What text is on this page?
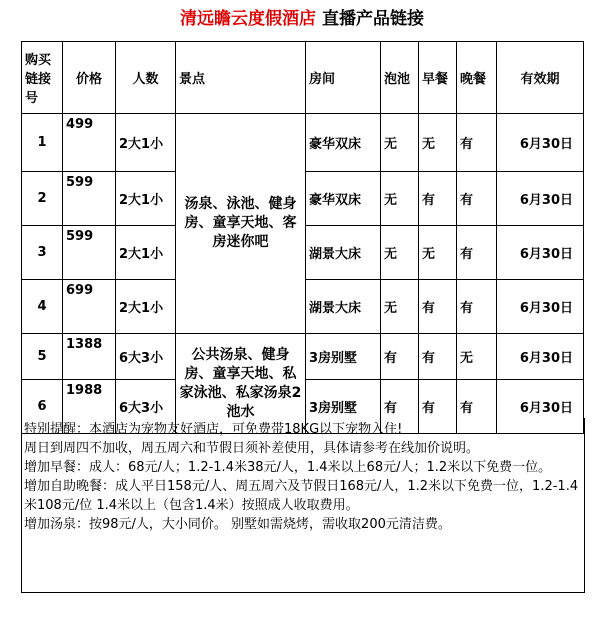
清远瞻云度假酒店 直播产品链接
购买链接号	价格	人数	景点	房间	泡池	早餐	晚餐	有效期
1	499	2大1小	汤泉、泳池、健身房、童享天地、客房迷你吧	豪华双床	无	无	有	6月30日
2	599	2大1小		豪华双床	无	有	有	6月30日
3	599	2大1小		湖景大床	无	无	有	6月30日
4	699	2大1小		湖景大床	无	有	有	6月30日
5	1388	6大3小	公共汤泉、健身房、童享天地、私家泳池、私家汤泉2池水	3房别墅	有	有	无	6月30日
6	1988	6大3小		3房别墅	有	有	有	6月30日

特别提醒：本酒店为宠物友好酒店，可免费带18KG以下宠物入住!

周日到周四不加收，周五周六和节假日须补差使用，具体请参考在线加价说明。

增加早餐：成人：68元/人；1.2-1.4米38元/人，1.4米以上68元/人；1.2米以下免费一位。

增加自助晚餐：成人平日158元/人、周五周六及节假日168元/人，1.2米以下免费一位，1.2-1.4米108元/位 1.4米以上（包含1.4米）按照成人收取费用。

增加汤泉：按98元/人，大小同价。 别墅如需烧烤，需收取200元清洁费。
